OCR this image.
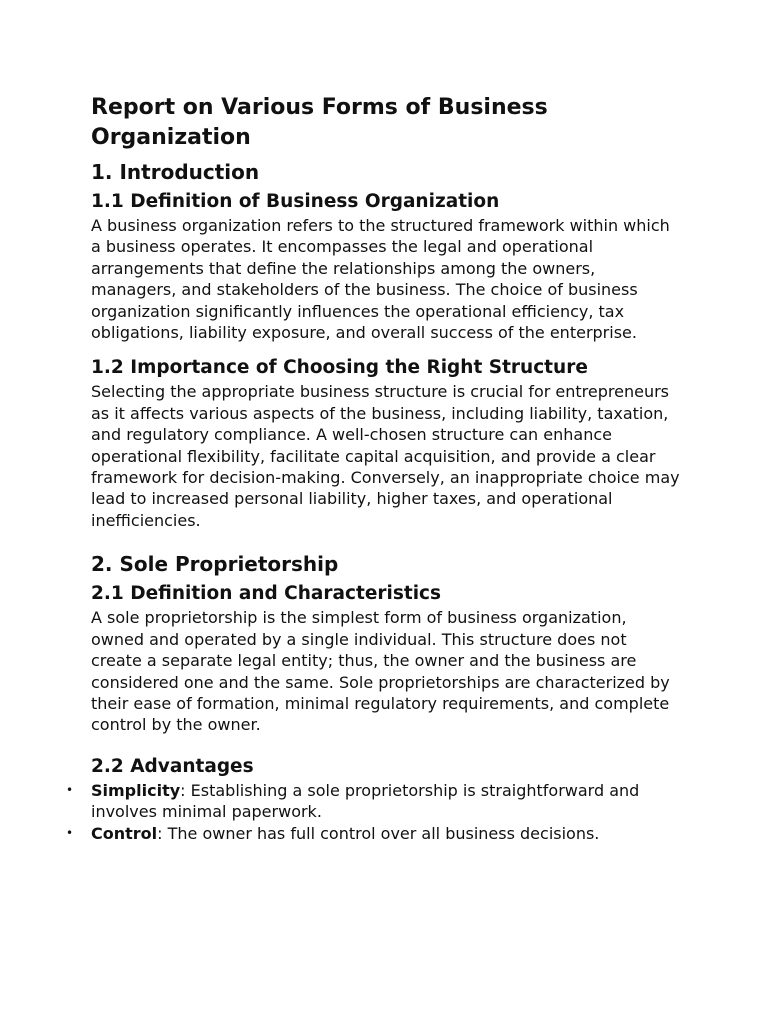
Report on Various Forms of Business Organization
1. Introduction
1.1 Definition of Business Organization

A business organization refers to the structured framework within which a business operates. It encompasses the legal and operational arrangements that define the relationships among the owners, managers, and stakeholders of the business. The choice of business organization significantly influences the operational efficiency, tax obligations, liability exposure, and overall success of the enterprise.

1.2 Importance of Choosing the Right Structure

Selecting the appropriate business structure is crucial for entrepreneurs as it affects various aspects of the business, including liability, taxation, and regulatory compliance. A well-chosen structure can enhance operational flexibility, facilitate capital acquisition, and provide a clear framework for decision-making. Conversely, an inappropriate choice may lead to increased personal liability, higher taxes, and operational inefficiencies.

2. Sole Proprietorship
2.1 Definition and Characteristics

A sole proprietorship is the simplest form of business organization, owned and operated by a single individual. This structure does not create a separate legal entity; thus, the owner and the business are considered one and the same. Sole proprietorships are characterized by their ease of formation, minimal regulatory requirements, and complete control by the owner.

2.2 Advantages
• Simplicity: Establishing a sole proprietorship is straightforward and involves minimal paperwork.
• Control: The owner has full control over all business decisions.
